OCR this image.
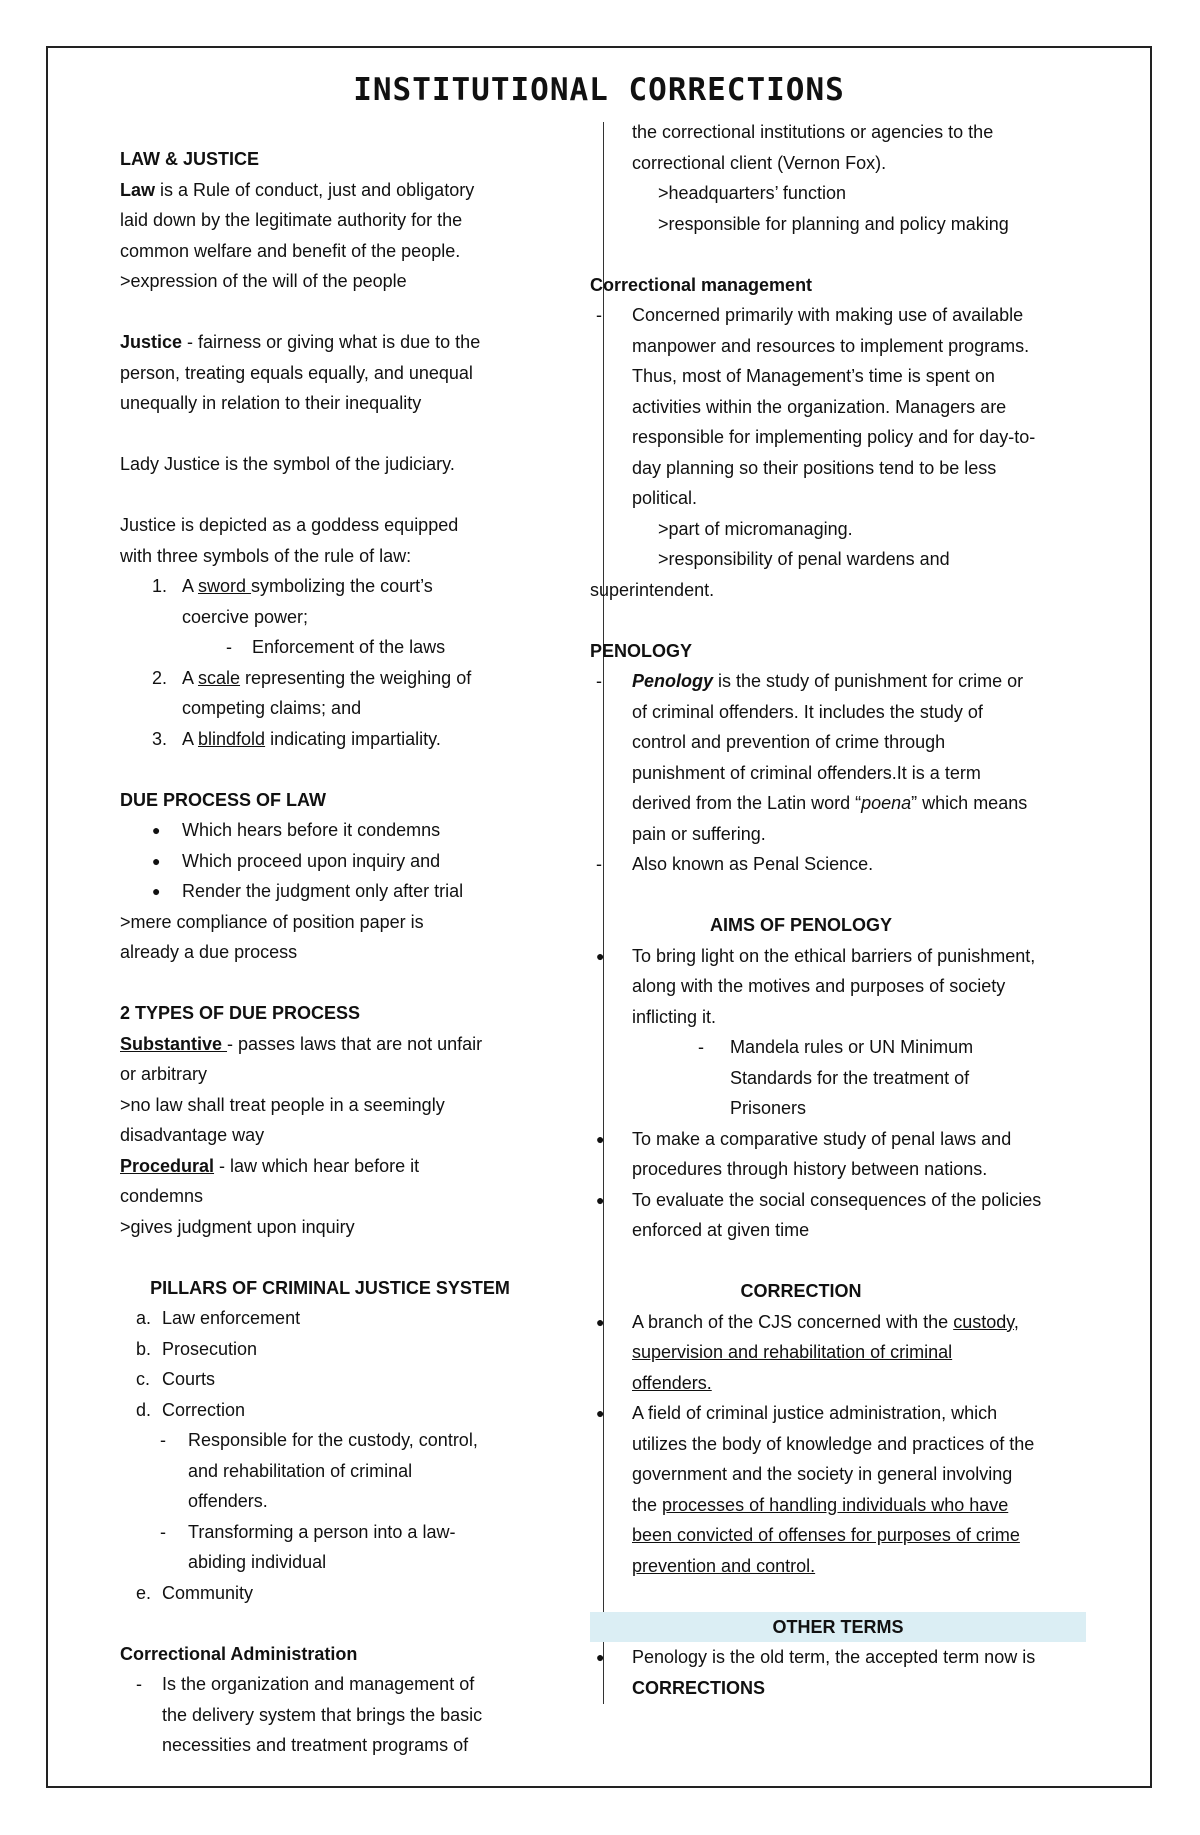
INSTITUTIONAL CORRECTIONS
LAW & JUSTICE
Law is a Rule of conduct, just and obligatory
laid down by the legitimate authority for the
common welfare and benefit of the people.
>expression of the will of the people
Justice - fairness or giving what is due to the
person, treating equals equally, and unequal
unequally in relation to their inequality
Lady Justice is the symbol of the judiciary.
Justice is depicted as a goddess equipped
with three symbols of the rule of law:
1. A sword symbolizing the court’s
coercive power;
- Enforcement of the laws
2. A scale representing the weighing of
competing claims; and
3. A blindfold indicating impartiality.
DUE PROCESS OF LAW
● Which hears before it condemns
● Which proceed upon inquiry and
● Render the judgment only after trial
>mere compliance of position paper is
already a due process
2 TYPES OF DUE PROCESS
Substantive - passes laws that are not unfair
or arbitrary
>no law shall treat people in a seemingly
disadvantage way
Procedural - law which hear before it
condemns
>gives judgment upon inquiry
PILLARS OF CRIMINAL JUSTICE SYSTEM
a. Law enforcement
b. Prosecution
c. Courts
d. Correction
- Responsible for the custody, control,
and rehabilitation of criminal
offenders.
- Transforming a person into a law-
abiding individual
e. Community
Correctional Administration
- Is the organization and management of
the delivery system that brings the basic
necessities and treatment programs of
the correctional institutions or agencies to the
correctional client (Vernon Fox).
>headquarters’ function
>responsible for planning and policy making
Correctional management
- Concerned primarily with making use of available
manpower and resources to implement programs.
Thus, most of Management’s time is spent on
activities within the organization. Managers are
responsible for implementing policy and for day-to-
day planning so their positions tend to be less
political.
>part of micromanaging.
>responsibility of penal wardens and
superintendent.
PENOLOGY
- Penology is the study of punishment for crime or
of criminal offenders. It includes the study of
control and prevention of crime through
punishment of criminal offenders.It is a term
derived from the Latin word “poena” which means
pain or suffering.
- Also known as Penal Science.
AIMS OF PENOLOGY
● To bring light on the ethical barriers of punishment,
along with the motives and purposes of society
inflicting it.
- Mandela rules or UN Minimum
Standards for the treatment of
Prisoners
● To make a comparative study of penal laws and
procedures through history between nations.
● To evaluate the social consequences of the policies
enforced at given time
CORRECTION
● A branch of the CJS concerned with the custody,
supervision and rehabilitation of criminal
offenders.
● A field of criminal justice administration, which
utilizes the body of knowledge and practices of the
government and the society in general involving
the processes of handling individuals who have
been convicted of offenses for purposes of crime
prevention and control.
OTHER TERMS
● Penology is the old term, the accepted term now is
CORRECTIONS
